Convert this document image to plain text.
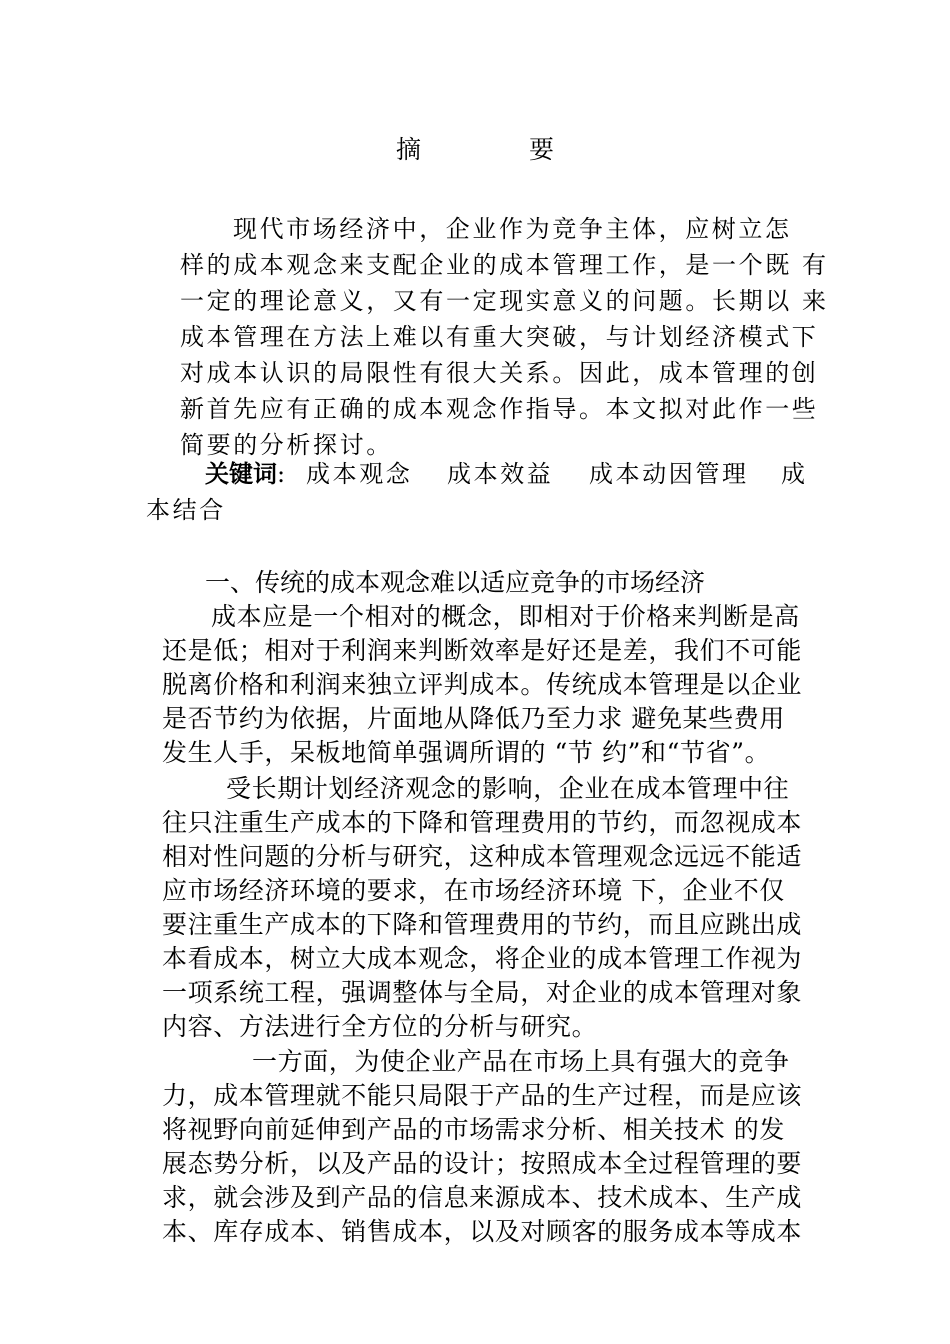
摘要
现代市场经济中，企业作为竞争主体，应树立怎
样的成本观念来支配企业的成本管理工作，是一个既 有
一定的理论意义，又有一定现实意义的问题。长期以 来
成本管理在方法上难以有重大突破，与计划经济模式下
对成本认识的局限性有很大关系。因此，成本管理的创
新首先应有正确的成本观念作指导。本文拟对此作一些
简要的分析探讨。
关键词: 成本观念 成本效益 成本动因管理 成
本结合
一、传统的成本观念难以适应竞争的市场经济
成本应是一个相对的概念，即相对于价格来判断是高
还是低；相对于利润来判断效率是好还是差，我们不可能
脱离价格和利润来独立评判成本。传统成本管理是以企业
是否节约为依据，片面地从降低乃至力求 避免某些费用
发生人手，呆板地简单强调所谓的 “节 约”和“节省”。
受长期计划经济观念的影响，企业在成本管理中往
往只注重生产成本的下降和管理费用的节约，而忽视成本
相对性问题的分析与研究，这种成本管理观念远远不能适
应市场经济环境的要求，在市场经济环境 下，企业不仅
要注重生产成本的下降和管理费用的节约，而且应跳出成
本看成本，树立大成本观念，将企业的成本管理工作视为
一项系统工程，强调整体与全局，对企业的成本管理对象
内容、方法进行全方位的分析与研究。
一方面，为使企业产品在市场上具有强大的竞争
力，成本管理就不能只局限于产品的生产过程，而是应该
将视野向前延伸到产品的市场需求分析、相关技术 的发
展态势分析，以及产品的设计；按照成本全过程管理的要
求，就会涉及到产品的信息来源成本、技术成本、生产成
本、库存成本、销售成本，以及对顾客的服务成本等成本
